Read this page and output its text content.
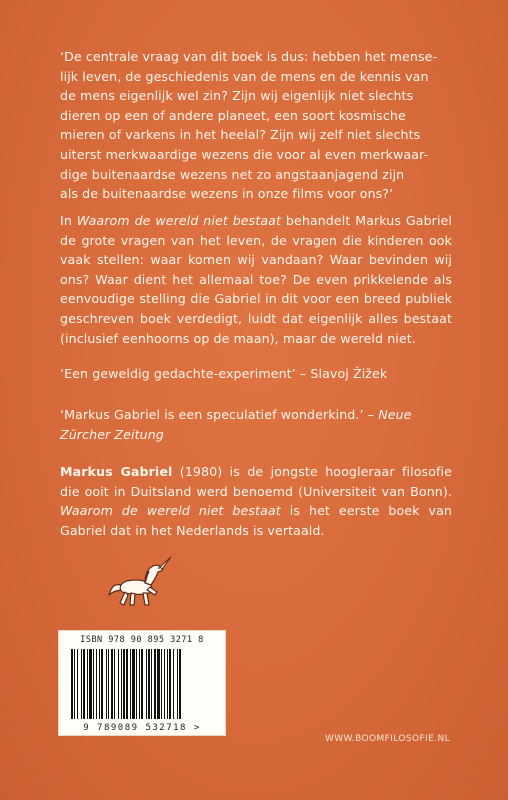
‘De centrale vraag van dit boek is dus: hebben het mense-
lijk leven, de geschiedenis van de mens en de kennis van
de mens eigenlijk wel zin? Zijn wij eigenlijk niet slechts
dieren op een of andere planeet, een soort kosmische
mieren of varkens in het heelal? Zijn wij zelf niet slechts
uiterst merkwaardige wezens die voor al even merkwaar-
dige buitenaardse wezens net zo angstaanjagend zijn
als de buitenaardse wezens in onze films voor ons?’

In Waarom de wereld niet bestaat behandelt Markus Gabriel de grote vragen van het leven, de vragen die kinderen ook vaak stellen: waar komen wij vandaan? Waar bevinden wij ons? Waar dient het allemaal toe? De even prikkelende als eenvoudige stelling die Gabriel in dit voor een breed publiek geschreven boek verdedigt, luidt dat eigenlijk alles bestaat (inclusief eenhoorns op de maan), maar de wereld niet.

‘Een geweldig gedachte-experiment’ – Slavoj Žižek

‘Markus Gabriel is een speculatief wonderkind.’ – Neue Zürcher Zeitung

Markus Gabriel (1980) is de jongste hoogleraar filosofie die ooit in Duitsland werd benoemd (Universiteit van Bonn). Waarom de wereld niet bestaat is het eerste boek van Gabriel dat in het Nederlands is vertaald.

ISBN 978 90 895 3271 8
9 789089 532718 >
WWW.BOOMFILOSOFIE.NL
